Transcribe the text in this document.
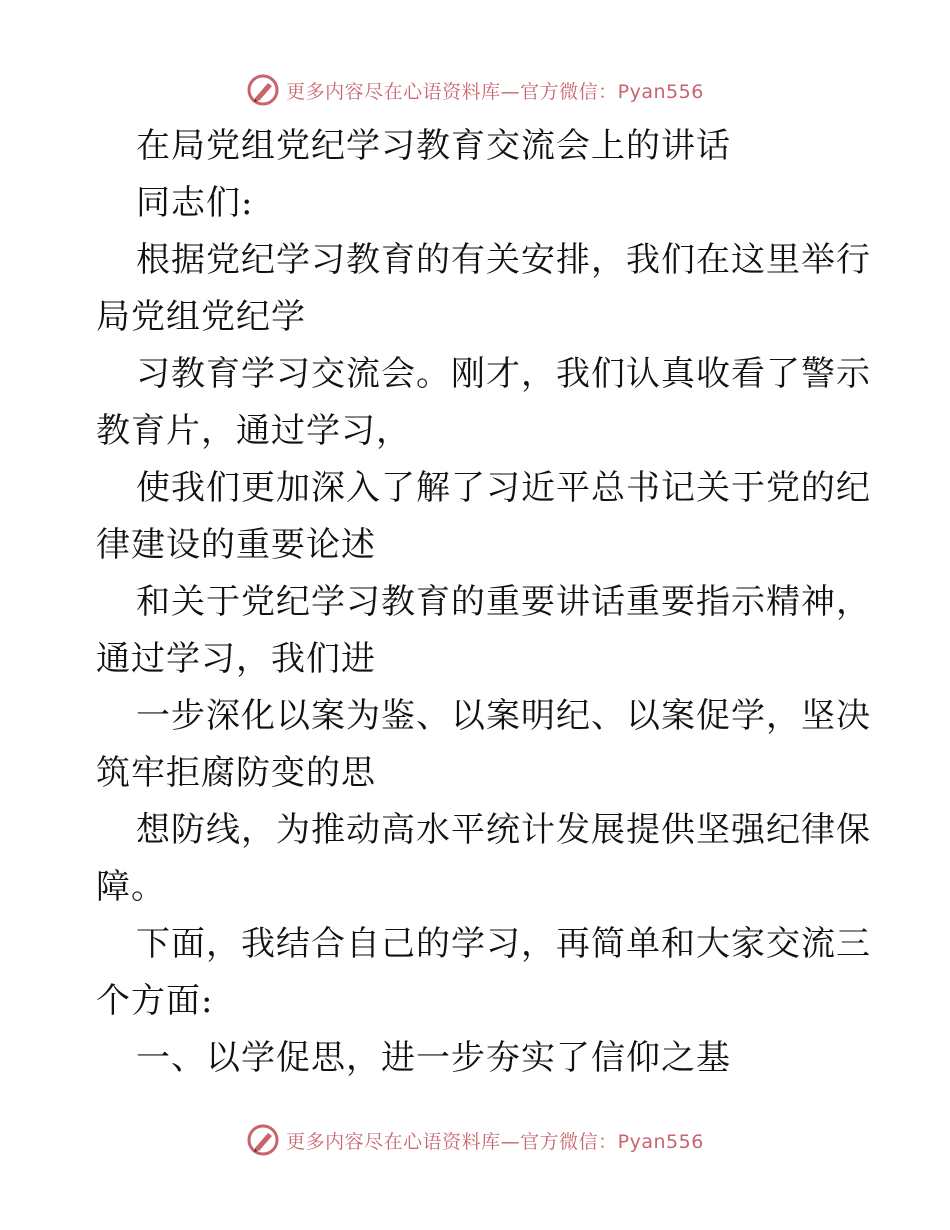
更多内容尽在心语资料库—官方微信：Pyan556
在局党组党纪学习教育交流会上的讲话
同志们:
根据党纪学习教育的有关安排，我们在这里举行
局党组党纪学
习教育学习交流会。刚才，我们认真收看了警示
教育片，通过学习，
使我们更加深入了解了习近平总书记关于党的纪
律建设的重要论述
和关于党纪学习教育的重要讲话重要指示精神，
通过学习，我们进
一步深化以案为鉴、以案明纪、以案促学，坚决
筑牢拒腐防变的思
想防线，为推动高水平统计发展提供坚强纪律保
障。
下面，我结合自己的学习，再简单和大家交流三
个方面:
一、以学促思，进一步夯实了信仰之基
更多内容尽在心语资料库—官方微信：Pyan556
